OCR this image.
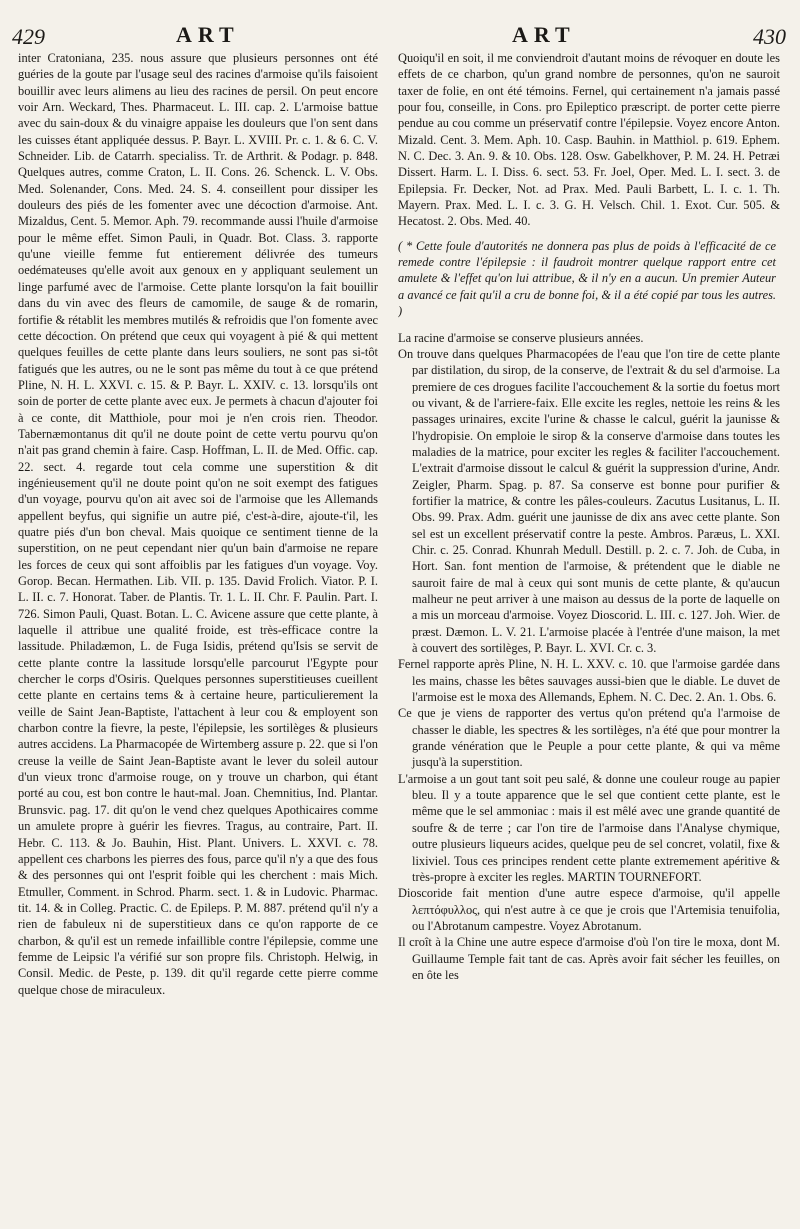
429	ART	ART	430

inter Cratoniana, 235. nous assure que plusieurs personnes ont été guéries de la goute par l'usage seul des racines d'armoise qu'ils faisoient bouillir avec leurs alimens au lieu des racines de persil. On peut encore voir Arn. Weckard, Thes. Pharmaceut. L. III. cap. 2. L'armoise battue avec du sain-doux & du vinaigre appaise les douleurs que l'on sent dans les cuisses étant appliquée dessus. P. Bayr. L. XVIII. Pr. c. 1. & 6. C. V. Schneider. Lib. de Catarrh. specialiss. Tr. de Arthrit. & Podagr. p. 848. Quelques autres, comme Craton, L. II. Cons. 26. Schenck. L. V. Obs. Med. Solenander, Cons. Med. 24. S. 4. conseillent pour dissiper les douleurs des piés de les fomenter avec une décoction d'armoise. Ant. Mizaldus, Cent. 5. Memor. Aph. 79. recommande aussi l'huile d'armoise pour le même effet. Simon Pauli, in Quadr. Bot. Class. 3. rapporte qu'une vieille femme fut entierement délivrée des tumeurs oedémateuses qu'elle avoit aux genoux en y appliquant seulement un linge parfumé avec de l'armoise. Cette plante lorsqu'on la fait bouillir dans du vin avec des fleurs de camomile, de sauge & de romarin, fortifie & rétablit les membres mutilés & refroidis que l'on fomente avec cette décoction. On prétend que ceux qui voyagent à pié & qui mettent quelques feuilles de cette plante dans leurs souliers, ne sont pas si-tôt fatigués que les autres, ou ne le sont pas même du tout à ce que prétend Pline, N. H. L. XXVI. c. 15. & P. Bayr. L. XXIV. c. 13. lorsqu'ils ont soin de porter de cette plante avec eux. Je permets à chacun d'ajouter foi à ce conte, dit Matthiole, pour moi je n'en crois rien. Theodor. Tabernæmontanus dit qu'il ne doute point de cette vertu pourvu qu'on n'ait pas grand chemin à faire. Casp. Hoffman, L. II. de Med. Offic. cap. 22. sect. 4. regarde tout cela comme une superstition & dit ingénieusement qu'il ne doute point qu'on ne soit exempt des fatigues d'un voyage, pourvu qu'on ait avec soi de l'armoise que les Allemands appellent beyfus, qui signifie un autre pié, c'est-à-dire, ajoute-t'il, les quatre piés d'un bon cheval. Mais quoique ce sentiment tienne de la superstition, on ne peut cependant nier qu'un bain d'armoise ne repare les forces de ceux qui sont affoiblis par les fatigues d'un voyage. Voy. Gorop. Becan. Hermathen. Lib. VII. p. 135. David Frolich. Viator. P. I. L. II. c. 7. Honorat. Taber. de Plantis. Tr. 1. L. II. Chr. F. Paulin. Part. I. 726. Simon Pauli, Quast. Botan. L. C. Avicene assure que cette plante, à laquelle il attribue une qualité froide, est très-efficace contre la lassitude. Philadæmon, L. de Fuga Isidis, prétend qu'Isis se servit de cette plante contre la lassitude lorsqu'elle parcourut l'Egypte pour chercher le corps d'Osiris. Quelques personnes superstitieuses cueillent cette plante en certains tems & à certaine heure, particulierement la veille de Saint Jean-Baptiste, l'attachent à leur cou & employent son charbon contre la fievre, la peste, l'épilepsie, les sortilèges & plusieurs autres accidens. La Pharmacopée de Wirtemberg assure p. 22. que si l'on creuse la veille de Saint Jean-Baptiste avant le lever du soleil autour d'un vieux tronc d'armoise rouge, on y trouve un charbon, qui étant porté au cou, est bon contre le haut-mal. Joan. Chemnitius, Ind. Plantar. Brunsvic. pag. 17. dit qu'on le vend chez quelques Apothicaires comme un amulete propre à guérir les fievres. Tragus, au contraire, Part. II. Hebr. C. 113. & Jo. Bauhin, Hist. Plant. Univers. L. XXVI. c. 78. appellent ces charbons les pierres des fous, parce qu'il n'y a que des fous & des personnes qui ont l'esprit foible qui les cherchent : mais Mich. Etmuller, Comment. in Schrod. Pharm. sect. 1. & in Ludovic. Pharmac. tit. 14. & in Colleg. Practic. C. de Epileps. P. M. 887. prétend qu'il n'y a rien de fabuleux ni de superstitieux dans ce qu'on rapporte de ce charbon, & qu'il est un remede infaillible contre l'épilepsie, comme une femme de Leipsic l'a vérifié sur son propre fils. Christoph. Helwig, in Consil. Medic. de Peste, p. 139. dit qu'il regarde cette pierre comme quelque chose de miraculeux.

Quoiqu'il en soit, il me conviendroit d'autant moins de révoquer en doute les effets de ce charbon, qu'un grand nombre de personnes, qu'on ne sauroit taxer de folie, en ont été témoins. Fernel, qui certainement n'a jamais passé pour fou, conseille, in Cons. pro Epileptico præscript. de porter cette pierre pendue au cou comme un préservatif contre l'épilepsie. Voyez encore Anton. Mizald. Cent. 3. Mem. Aph. 10. Casp. Bauhin. in Matthiol. p. 619. Ephem. N. C. Dec. 3. An. 9. & 10. Obs. 128. Osw. Gabelkhover, P. M. 24. H. Petræi Dissert. Harm. L. I. Diss. 6. sect. 53. Fr. Joel, Oper. Med. L. I. sect. 3. de Epilepsia. Fr. Decker, Not. ad Prax. Med. Pauli Barbett, L. I. c. 1. Th. Mayern. Prax. Med. L. I. c. 3. G. H. Velsch. Chil. 1. Exot. Cur. 505. & Hecatost. 2. Obs. Med. 40.

( * Cette foule d'autorités ne donnera pas plus de poids à l'efficacité de ce remede contre l'épilepsie : il faudroit montrer quelque rapport entre cet amulete & l'effet qu'on lui attribue, & il n'y en a aucun. Un premier Auteur a avancé ce fait qu'il a cru de bonne foi, & il a été copié par tous les autres. )

La racine d'armoise se conserve plusieurs années.

On trouve dans quelques Pharmacopées de l'eau que l'on tire de cette plante par distilation, du sirop, de la conserve, de l'extrait & du sel d'armoise. La premiere de ces drogues facilite l'accouchement & la sortie du foetus mort ou vivant, & de l'arriere-faix. Elle excite les regles, nettoie les reins & les passages urinaires, excite l'urine & chasse le calcul, guérit la jaunisse & l'hydropisie. On emploie le sirop & la conserve d'armoise dans toutes les maladies de la matrice, pour exciter les regles & faciliter l'accouchement. L'extrait d'armoise dissout le calcul & guérit la suppression d'urine, Andr. Zeigler, Pharm. Spag. p. 87. Sa conserve est bonne pour purifier & fortifier la matrice, & contre les pâles-couleurs. Zacutus Lusitanus, L. II. Obs. 99. Prax. Adm. guérit une jaunisse de dix ans avec cette plante. Son sel est un excellent préservatif contre la peste. Ambros. Paræus, L. XXI. Chir. c. 25. Conrad. Khunrah Medull. Destill. p. 2. c. 7. Joh. de Cuba, in Hort. San. font mention de l'armoise, & prétendent que le diable ne sauroit faire de mal à ceux qui sont munis de cette plante, & qu'aucun malheur ne peut arriver à une maison au dessus de la porte de laquelle on a mis un morceau d'armoise. Voyez Dioscorid. L. III. c. 127. Joh. Wier. de præst. Dæmon. L. V. 21. L'armoise placée à l'entrée d'une maison, la met à couvert des sortilèges, P. Bayr. L. XVI. Cr. c. 3.

Fernel rapporte après Pline, N. H. L. XXV. c. 10. que l'armoise gardée dans les mains, chasse les bêtes sauvages aussi-bien que le diable. Le duvet de l'armoise est le moxa des Allemands, Ephem. N. C. Dec. 2. An. 1. Obs. 6.

Ce que je viens de rapporter des vertus qu'on prétend qu'a l'armoise de chasser le diable, les spectres & les sortilèges, n'a été que pour montrer la grande vénération que le Peuple a pour cette plante, & qui va même jusqu'à la superstition.

L'armoise a un gout tant soit peu salé, & donne une couleur rouge au papier bleu. Il y a toute apparence que le sel que contient cette plante, est le même que le sel ammoniac : mais il est mêlé avec une grande quantité de soufre & de terre ; car l'on tire de l'armoise dans l'Analyse chymique, outre plusieurs liqueurs acides, quelque peu de sel concret, volatil, fixe & lixiviel. Tous ces principes rendent cette plante extremement apéritive & très-propre à exciter les regles. MARTIN TOURNEFORT.

Dioscoride fait mention d'une autre espece d'armoise, qu'il appelle λεπτόφυλλος, qui n'est autre à ce que je crois que l'Artemisia tenuifolia, ou l'Abrotanum campestre. Voyez Abrotanum.

Il croît à la Chine une autre espece d'armoise d'où l'on tire le moxa, dont M. Guillaume Temple fait tant de cas. Après avoir fait sécher les feuilles, on en ôte les
